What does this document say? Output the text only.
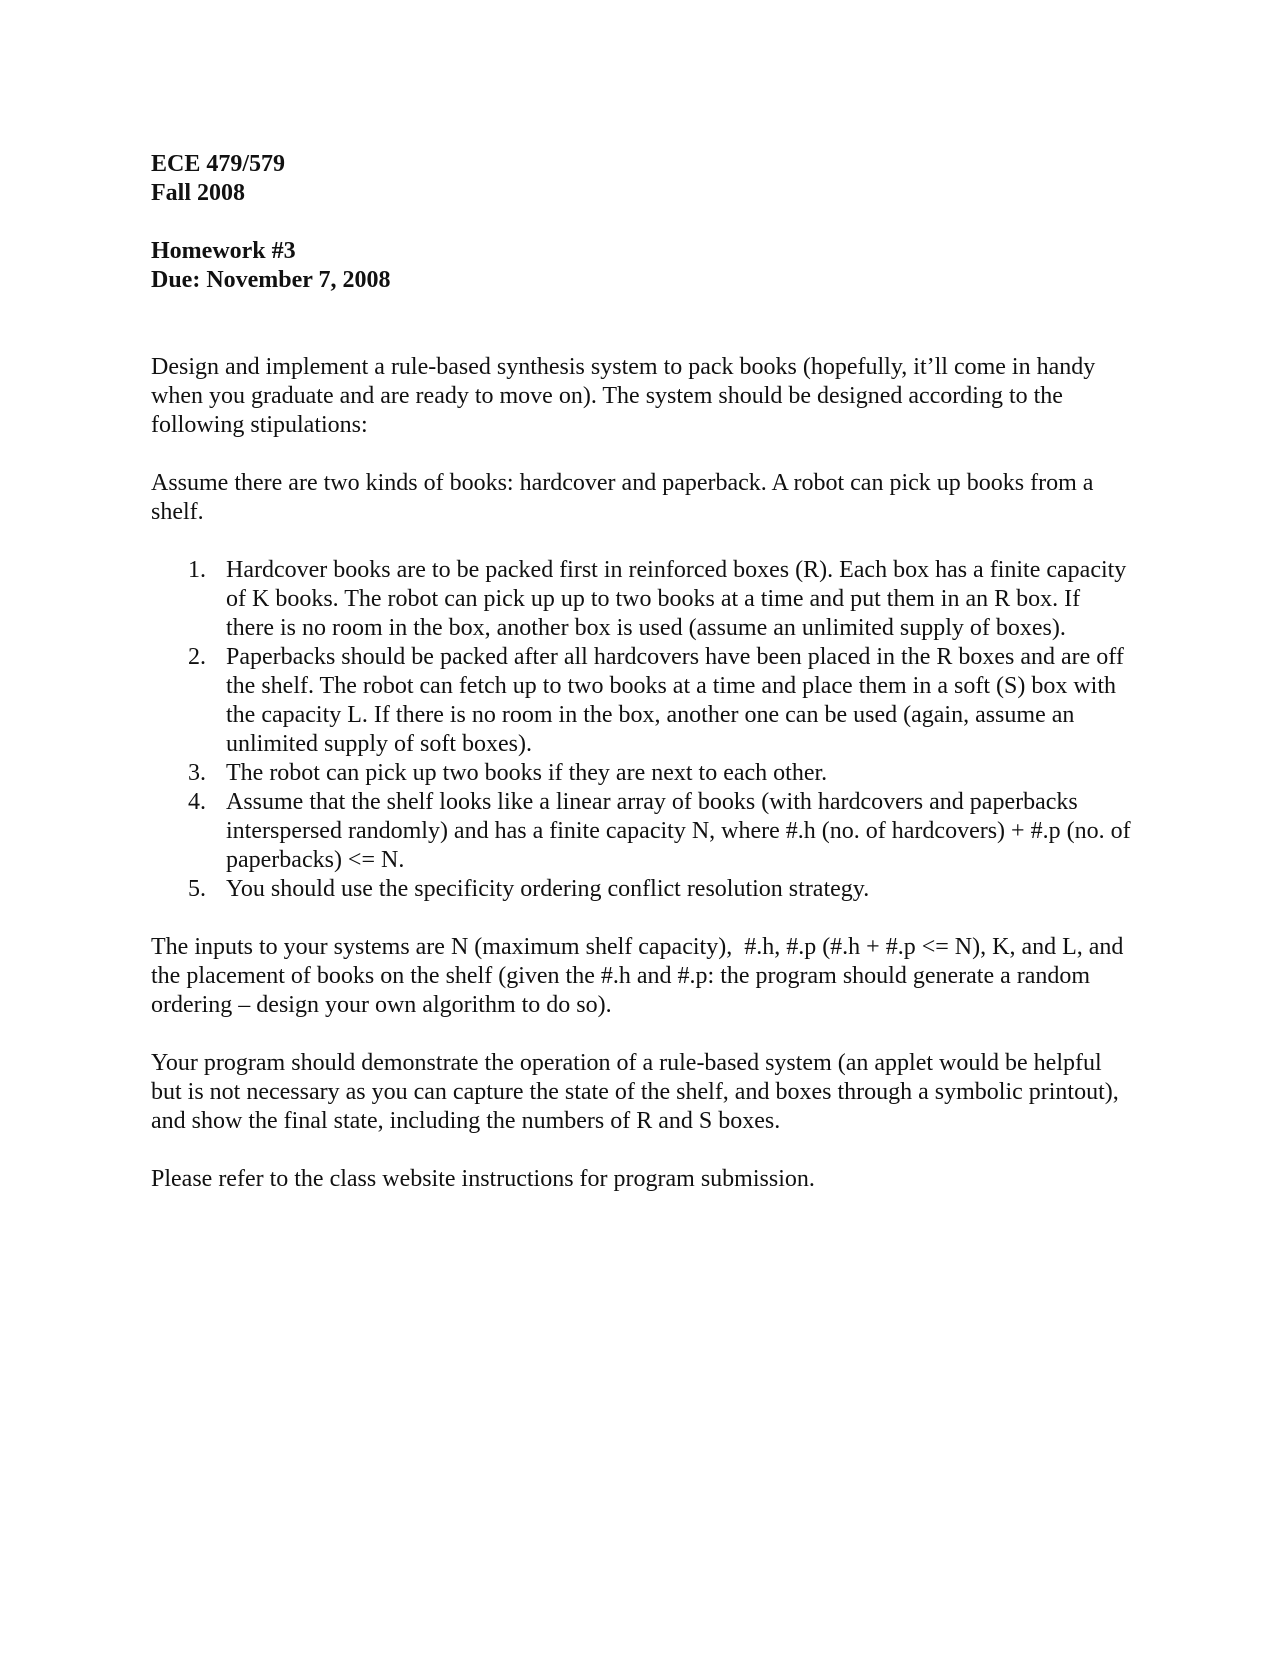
ECE 479/579
Fall 2008
Homework #3
Due: November 7, 2008

Design and implement a rule-based synthesis system to pack books (hopefully, it’ll come in handy when you graduate and are ready to move on). The system should be designed according to the following stipulations:

Assume there are two kinds of books: hardcover and paperback. A robot can pick up books from a shelf.

1. Hardcover books are to be packed first in reinforced boxes (R). Each box has a finite capacity of K books. The robot can pick up up to two books at a time and put them in an R box. If there is no room in the box, another box is used (assume an unlimited supply of boxes).
2. Paperbacks should be packed after all hardcovers have been placed in the R boxes and are off the shelf. The robot can fetch up to two books at a time and place them in a soft (S) box with the capacity L. If there is no room in the box, another one can be used (again, assume an unlimited supply of soft boxes).
3. The robot can pick up two books if they are next to each other.
4. Assume that the shelf looks like a linear array of books (with hardcovers and paperbacks interspersed randomly) and has a finite capacity N, where #.h (no. of hardcovers) + #.p (no. of paperbacks) <= N.
5. You should use the specificity ordering conflict resolution strategy.

The inputs to your systems are N (maximum shelf capacity),  #.h, #.p (#.h + #.p <= N), K, and L, and the placement of books on the shelf (given the #.h and #.p: the program should generate a random ordering – design your own algorithm to do so).

Your program should demonstrate the operation of a rule-based system (an applet would be helpful but is not necessary as you can capture the state of the shelf, and boxes through a symbolic printout), and show the final state, including the numbers of R and S boxes.

Please refer to the class website instructions for program submission.
